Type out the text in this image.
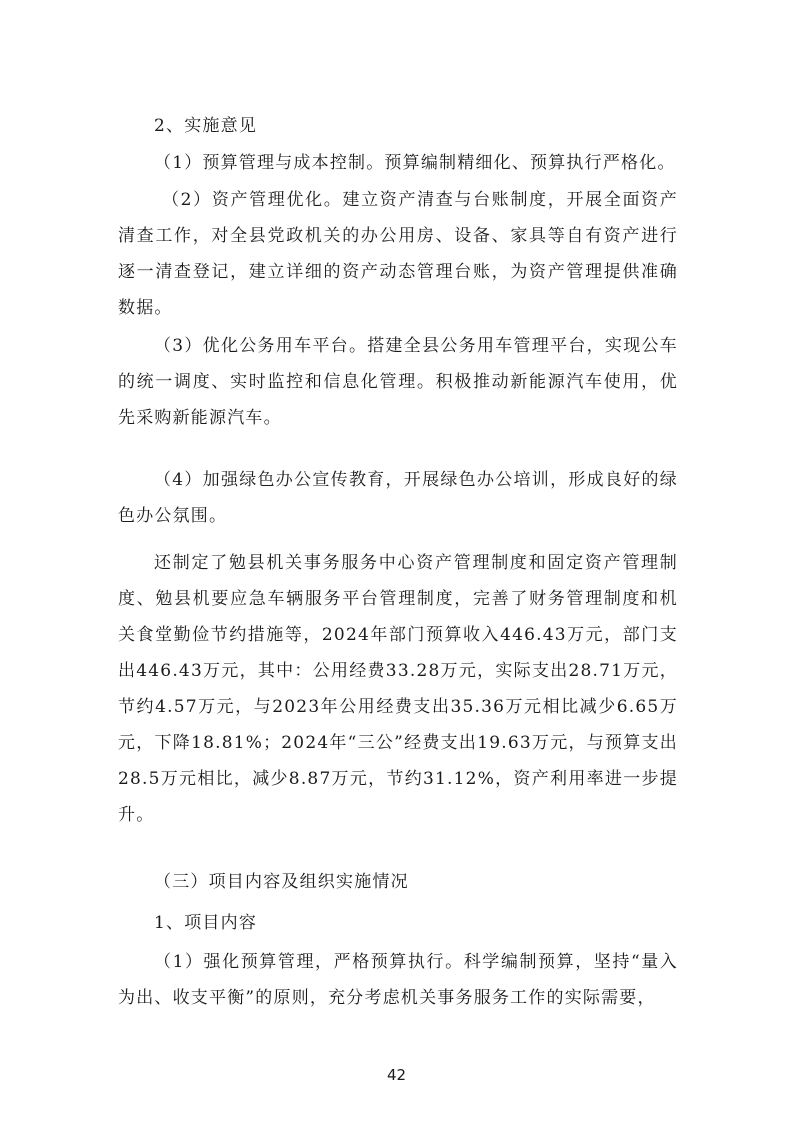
2、实施意见

（1）预算管理与成本控制。预算编制精细化、预算执行严格化。

（2）资产管理优化。建立资产清查与台账制度，开展全面资产清查工作，对全县党政机关的办公用房、设备、家具等自有资产进行逐一清查登记，建立详细的资产动态管理台账，为资产管理提供准确数据。

（3）优化公务用车平台。搭建全县公务用车管理平台，实现公车的统一调度、实时监控和信息化管理。积极推动新能源汽车使用，优先采购新能源汽车。

（4）加强绿色办公宣传教育，开展绿色办公培训，形成良好的绿色办公氛围。

还制定了勉县机关事务服务中心资产管理制度和固定资产管理制度、勉县机要应急车辆服务平台管理制度，完善了财务管理制度和机关食堂勤俭节约措施等，2024年部门预算收入446.43万元，部门支出446.43万元，其中：公用经费33.28万元，实际支出28.71万元，节约4.57万元，与2023年公用经费支出35.36万元相比减少6.65万元，下降18.81%；2024年“三公”经费支出19.63万元，与预算支出28.5万元相比，减少8.87万元，节约31.12%，资产利用率进一步提升。

（三）项目内容及组织实施情况

1、项目内容

（1）强化预算管理，严格预算执行。科学编制预算，坚持“量入为出、收支平衡”的原则，充分考虑机关事务服务工作的实际需要，

42
